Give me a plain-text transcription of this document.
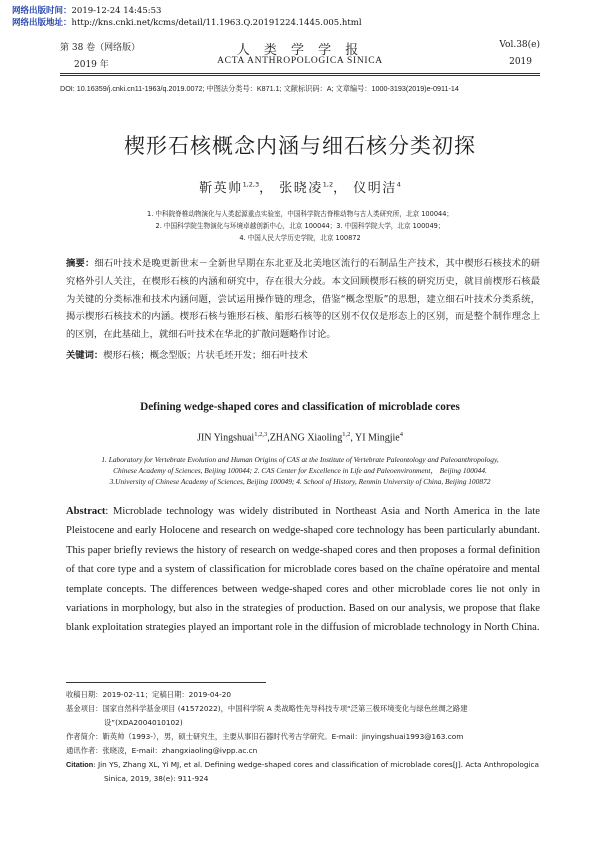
网络出版时间：2019-12-24 14:45:53
网络出版地址：http://kns.cnki.net/kcms/detail/11.1963.Q.20191224.1445.005.html
第 38 卷（网络版）
2019 年
人 类 学 学 报
ACTA ANTHROPOLOGICA SINICA
Vol.38(e)
2019
DOI: 10.16359/j.cnki.cn11-1963/q.2019.0072; 中图法分类号：K871.1; 文献标识码：A; 文章编号：1000-3193(2019)e-0911-14
楔形石核概念内涵与细石核分类初探
靳英帅$^{1,2,3}$， 张晓凌$^{1,2}$， 仪明洁$^4$
1. 中科院脊椎动物演化与人类起源重点实验室，中国科学院古脊椎动物与古人类研究所，北京 100044；
2. 中国科学院生物演化与环境卓越创新中心，北京 100044；3. 中国科学院大学，北京 100049；
4. 中国人民大学历史学院，北京 100872
摘要：细石叶技术是晚更新世末－全新世早期在东北亚及北美地区流行的石制品生产技术，其中楔形石核技术的研究格外引人关注，在楔形石核的内涵和研究中，存在很大分歧。本文回顾楔形石核的研究历史，就目前楔形石核最为关键的分类标准和技术内涵问题，尝试运用操作链的理念，借鉴“概念型版”的思想，建立细石叶技术分类系统，揭示楔形石核技术的内涵。楔形石核与锥形石核、船形石核等的区别不仅仅是形态上的区别，而是整个制作理念上的区别，在此基础上，就细石叶技术在华北的扩散问题略作讨论。
关键词：楔形石核；概念型版；片状毛坯开发；细石叶技术
Defining wedge-shaped cores and classification of microblade cores
JIN Yingshuai$^{1,2,3}$,ZHANG Xiaoling$^{1,2}$, YI Mingjie$^4$
1. Laboratory for Vertebrate Evolution and Human Origins of CAS at the Institute of Vertebrate Paleontology and Paleoanthropology,
Chinese Academy of Sciences, Beijing 100044; 2. CAS Center for Excellence in Life and Paleoenvironment， Beijing 100044.
3.University of Chinese Academy of Sciences, Beijing 100049; 4. School of History, Renmin University of China, Beijing 100872
Abstract: Microblade technology was widely distributed in Northeast Asia and North America in the late Pleistocene and early Holocene and research on wedge-shaped core technology has been particularly abundant. This paper briefly reviews the history of research on wedge-shaped cores and then proposes a formal definition of that core type and a system of classification for microblade cores based on the chaîne opératoire and mental template concepts. The differences between wedge-shaped cores and other microblade cores lie not only in variations in morphology, but also in the strategies of production. Based on our analysis, we propose that flake blank exploitation strategies played an important role in the diffusion of microblade technology in North China.
收稿日期：2019-02-11；定稿日期：2019-04-20
基金项目：国家自然科学基金项目 (41572022)，中国科学院 A 类战略性先导科技专项“泛第三极环境变化与绿色丝绸之路建
设”(XDA2004010102)
作者简介：靳英帅（1993-），男，硕士研究生，主要从事旧石器时代考古学研究。E-mail：jinyingshuai1993@163.com
通讯作者：张晓凌，E-mail：zhangxiaoling@ivpp.ac.cn
Citation: Jin YS, Zhang XL, Yi MJ, et al. Defining wedge-shaped cores and classification of microblade cores[J]. Acta Anthropologica
Sinica, 2019, 38(e): 911-924
